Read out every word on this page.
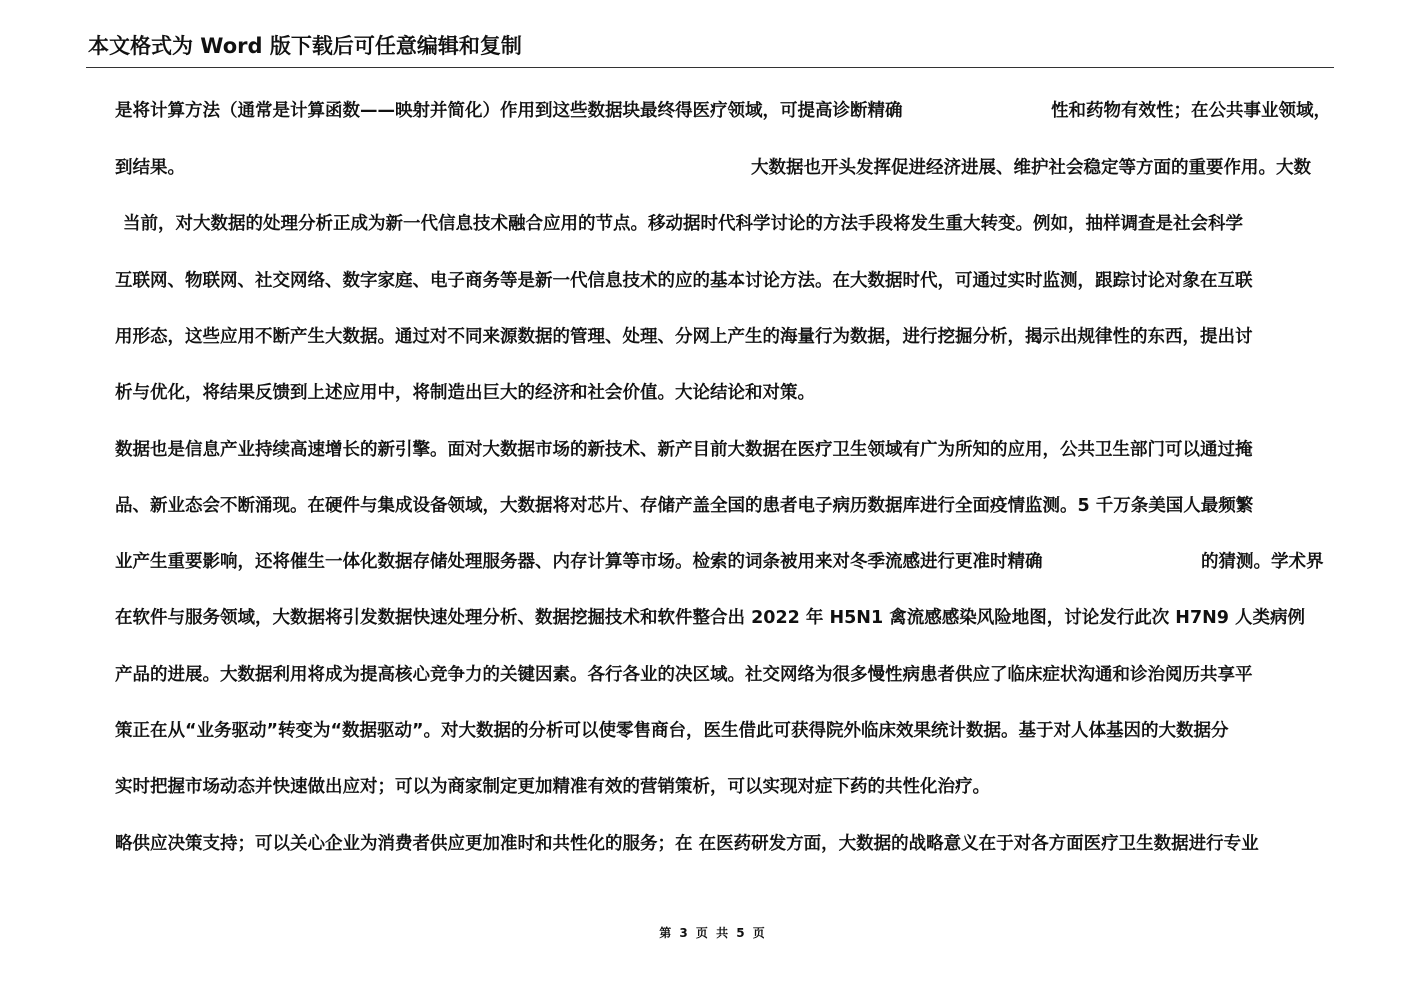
本文格式为 Word 版下载后可任意编辑和复制
是将计算方法（通常是计算函数——映射并简化）作用到这些数据块最终得医疗领域，可提高诊断精确	性和药物有效性；在公共事业领域，
到结果。	大数据也开头发挥促进经济进展、维护社会稳定等方面的重要作用。大数
当前，对大数据的处理分析正成为新一代信息技术融合应用的节点。移动据时代科学讨论的方法手段将发生重大转变。例如，抽样调查是社会科学
互联网、物联网、社交网络、数字家庭、电子商务等是新一代信息技术的应的基本讨论方法。在大数据时代，可通过实时监测，跟踪讨论对象在互联
用形态，这些应用不断产生大数据。通过对不同来源数据的管理、处理、分网上产生的海量行为数据，进行挖掘分析，揭示出规律性的东西，提出讨
析与优化，将结果反馈到上述应用中，将制造出巨大的经济和社会价值。大论结论和对策。
数据也是信息产业持续高速增长的新引擎。面对大数据市场的新技术、新产目前大数据在医疗卫生领域有广为所知的应用，公共卫生部门可以通过掩
品、新业态会不断涌现。在硬件与集成设备领域，大数据将对芯片、存储产盖全国的患者电子病历数据库进行全面疫情监测。5 千万条美国人最频繁
业产生重要影响，还将催生一体化数据存储处理服务器、内存计算等市场。检索的词条被用来对冬季流感进行更准时精确	的猜测。学术界
在软件与服务领域，大数据将引发数据快速处理分析、数据挖掘技术和软件整合出 2022 年 H5N1 禽流感感染风险地图，讨论发行此次 H7N9 人类病例
产品的进展。大数据利用将成为提高核心竞争力的关键因素。各行各业的决区域。社交网络为很多慢性病患者供应了临床症状沟通和诊治阅历共享平
策正在从“业务驱动”转变为“数据驱动”。对大数据的分析可以使零售商台，医生借此可获得院外临床效果统计数据。基于对人体基因的大数据分
实时把握市场动态并快速做出应对；可以为商家制定更加精准有效的营销策析，可以实现对症下药的共性化治疗。
略供应决策支持；可以关心企业为消费者供应更加准时和共性化的服务；在 在医药研发方面，大数据的战略意义在于对各方面医疗卫生数据进行专业
第 3 页 共 5 页
